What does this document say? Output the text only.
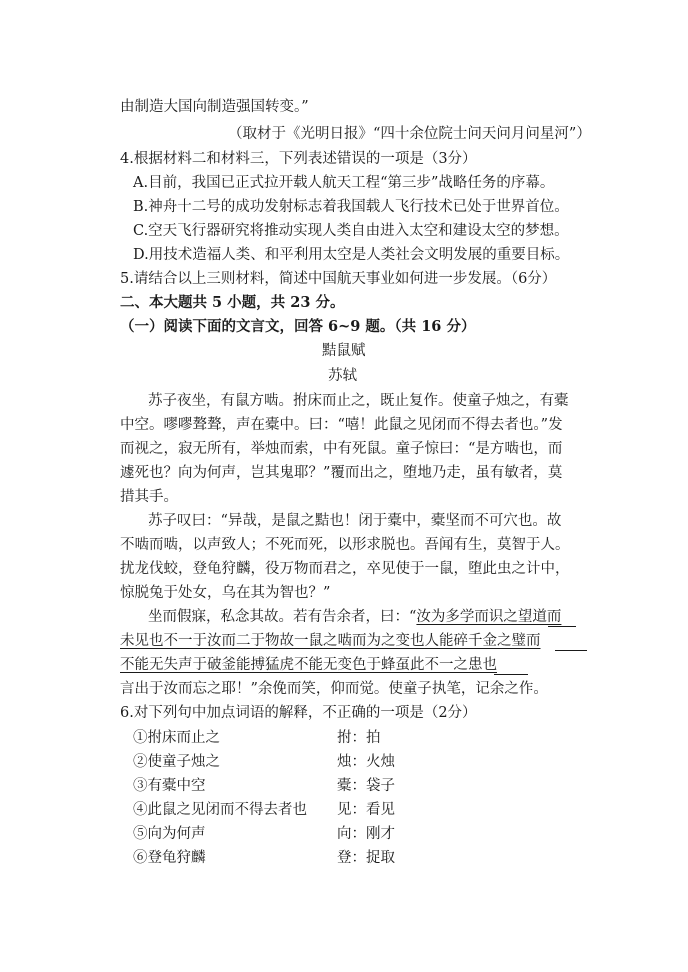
由制造大国向制造强国转变。”
（取材于《光明日报》“四十余位院士问天问月问星河”）
4.根据材料二和材料三，下列表述错误的一项是（3分）
A.目前，我国已正式拉开载人航天工程“第三步”战略任务的序幕。
B.神舟十二号的成功发射标志着我国载人飞行技术已处于世界首位。
C.空天飞行器研究将推动实现人类自由进入太空和建设太空的梦想。
D.用技术造福人类、和平利用太空是人类社会文明发展的重要目标。
5.请结合以上三则材料，简述中国航天事业如何进一步发展。（6分）
二、本大题共 5 小题，共 23 分。
（一）阅读下面的文言文，回答 6~9 题。（共 16 分）
黠鼠赋
苏轼
苏子夜坐，有鼠方啮。拊床而止之，既止复作。使童子烛之，有橐
中空。嘐嘐聱聱，声在橐中。曰：“嘻！此鼠之见闭而不得去者也。”发
而视之，寂无所有，举烛而索，中有死鼠。童子惊曰：“是方啮也，而
遽死也？向为何声，岂其鬼耶？”覆而出之，堕地乃走，虽有敏者，莫
措其手。
苏子叹曰：“异哉，是鼠之黠也！闭于橐中，橐坚而不可穴也。故
不啮而啮，以声致人；不死而死，以形求脱也。吾闻有生，莫智于人。
扰龙伐蛟，登龟狩麟，役万物而君之，卒见使于一鼠，堕此虫之计中，
惊脱兔于处女，乌在其为智也？”
坐而假寐，私念其故。若有告余者，曰：“汝为多学而识之望道而
未见也不一于汝而二于物故一鼠之啮而为之变也人能碎千金之璧而
不能无失声于破釜能搏猛虎不能无变色于蜂虿此不一之患也
言出于汝而忘之耶！”余俛而笑，仰而觉。使童子执笔，记余之作。
6.对下列句中加点词语的解释，不正确的一项是（2分）
①拊床而止之	拊：拍
②使童子烛之	烛：火烛
③有橐中空	橐：袋子
④此鼠之见闭而不得去者也 见：看见
⑤向为何声	向：刚才
⑥登龟狩麟	登：捉取
